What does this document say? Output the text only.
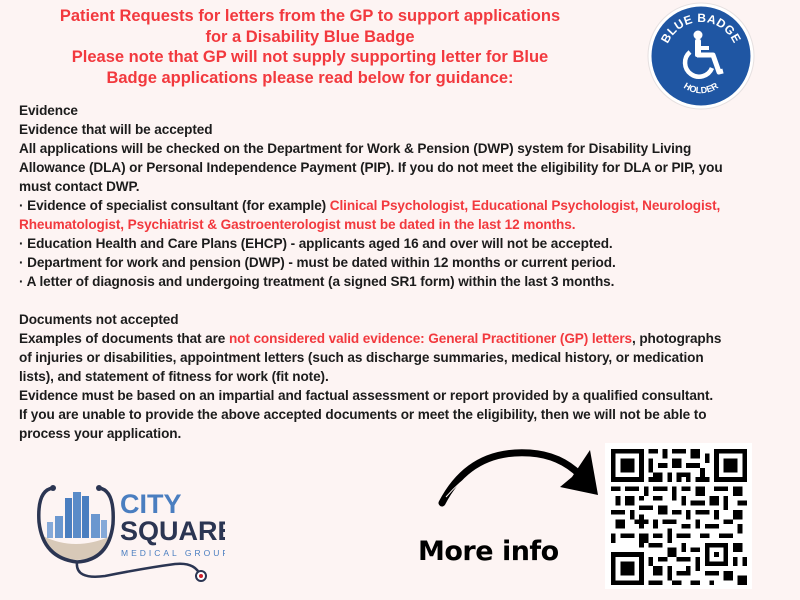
Patient Requests for letters from the GP to support applications
for a Disability Blue Badge
Please note that GP will not supply supporting letter for Blue
Badge applications please read below for guidance:
BLUE BADGE
HOLDER
Evidence
Evidence that will be accepted
All applications will be checked on the Department for Work & Pension (DWP) system for Disability Living
Allowance (DLA) or Personal Independence Payment (PIP). If you do not meet the eligibility for DLA or PIP, you
must contact DWP.
· Evidence of specialist consultant (for example) Clinical Psychologist, Educational Psychologist, Neurologist,
Rheumatologist, Psychiatrist & Gastroenterologist must be dated in the last 12 months.
· Education Health and Care Plans (EHCP) - applicants aged 16 and over will not be accepted.
· Department for work and pension (DWP) - must be dated within 12 months or current period.
· A letter of diagnosis and undergoing treatment (a signed SR1 form) within the last 3 months.
Documents not accepted
Examples of documents that are not considered valid evidence: General Practitioner (GP) letters, photographs
of injuries or disabilities, appointment letters (such as discharge summaries, medical history, or medication
lists), and statement of fitness for work (fit note).
Evidence must be based on an impartial and factual assessment or report provided by a qualified consultant.
If you are unable to provide the above accepted documents or meet the eligibility, then we will not be able to
process your application.
CITY
SQUARE
MEDICAL GROUP	More info
